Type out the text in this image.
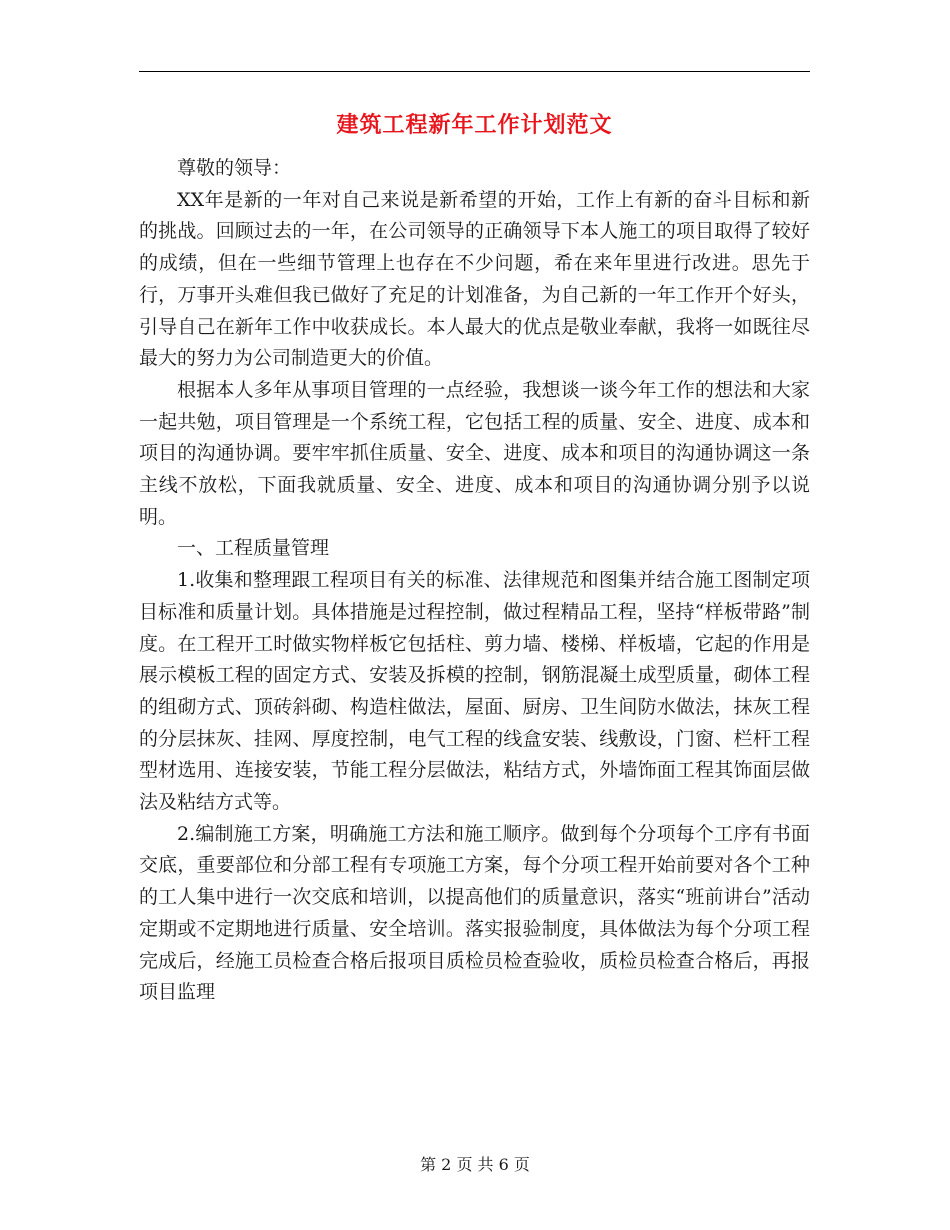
建筑工程新年工作计划范文

尊敬的领导：

XX年是新的一年对自己来说是新希望的开始，工作上有新的奋斗目标和新的挑战。回顾过去的一年，在公司领导的正确领导下本人施工的项目取得了较好的成绩，但在一些细节管理上也存在不少问题，希在来年里进行改进。思先于行，万事开头难但我已做好了充足的计划准备，为自己新的一年工作开个好头，引导自己在新年工作中收获成长。本人最大的优点是敬业奉献，我将一如既往尽最大的努力为公司制造更大的价值。

根据本人多年从事项目管理的一点经验，我想谈一谈今年工作的想法和大家一起共勉，项目管理是一个系统工程，它包括工程的质量、安全、进度、成本和项目的沟通协调。要牢牢抓住质量、安全、进度、成本和项目的沟通协调这一条主线不放松，下面我就质量、安全、进度、成本和项目的沟通协调分别予以说明。

一、工程质量管理

1.收集和整理跟工程项目有关的标准、法律规范和图集并结合施工图制定项目标准和质量计划。具体措施是过程控制，做过程精品工程，坚持“样板带路”制度。在工程开工时做实物样板它包括柱、剪力墙、楼梯、样板墙，它起的作用是展示模板工程的固定方式、安装及拆模的控制，钢筋混凝土成型质量，砌体工程的组砌方式、顶砖斜砌、构造柱做法，屋面、厨房、卫生间防水做法，抹灰工程的分层抹灰、挂网、厚度控制，电气工程的线盒安装、线敷设，门窗、栏杆工程型材选用、连接安装，节能工程分层做法，粘结方式，外墙饰面工程其饰面层做法及粘结方式等。

2.编制施工方案，明确施工方法和施工顺序。做到每个分项每个工序有书面交底，重要部位和分部工程有专项施工方案，每个分项工程开始前要对各个工种的工人集中进行一次交底和培训，以提高他们的质量意识，落实“班前讲台”活动定期或不定期地进行质量、安全培训。落实报验制度，具体做法为每个分项工程完成后，经施工员检查合格后报项目质检员检查验收，质检员检查合格后，再报项目监理

第 2 页 共 6 页
